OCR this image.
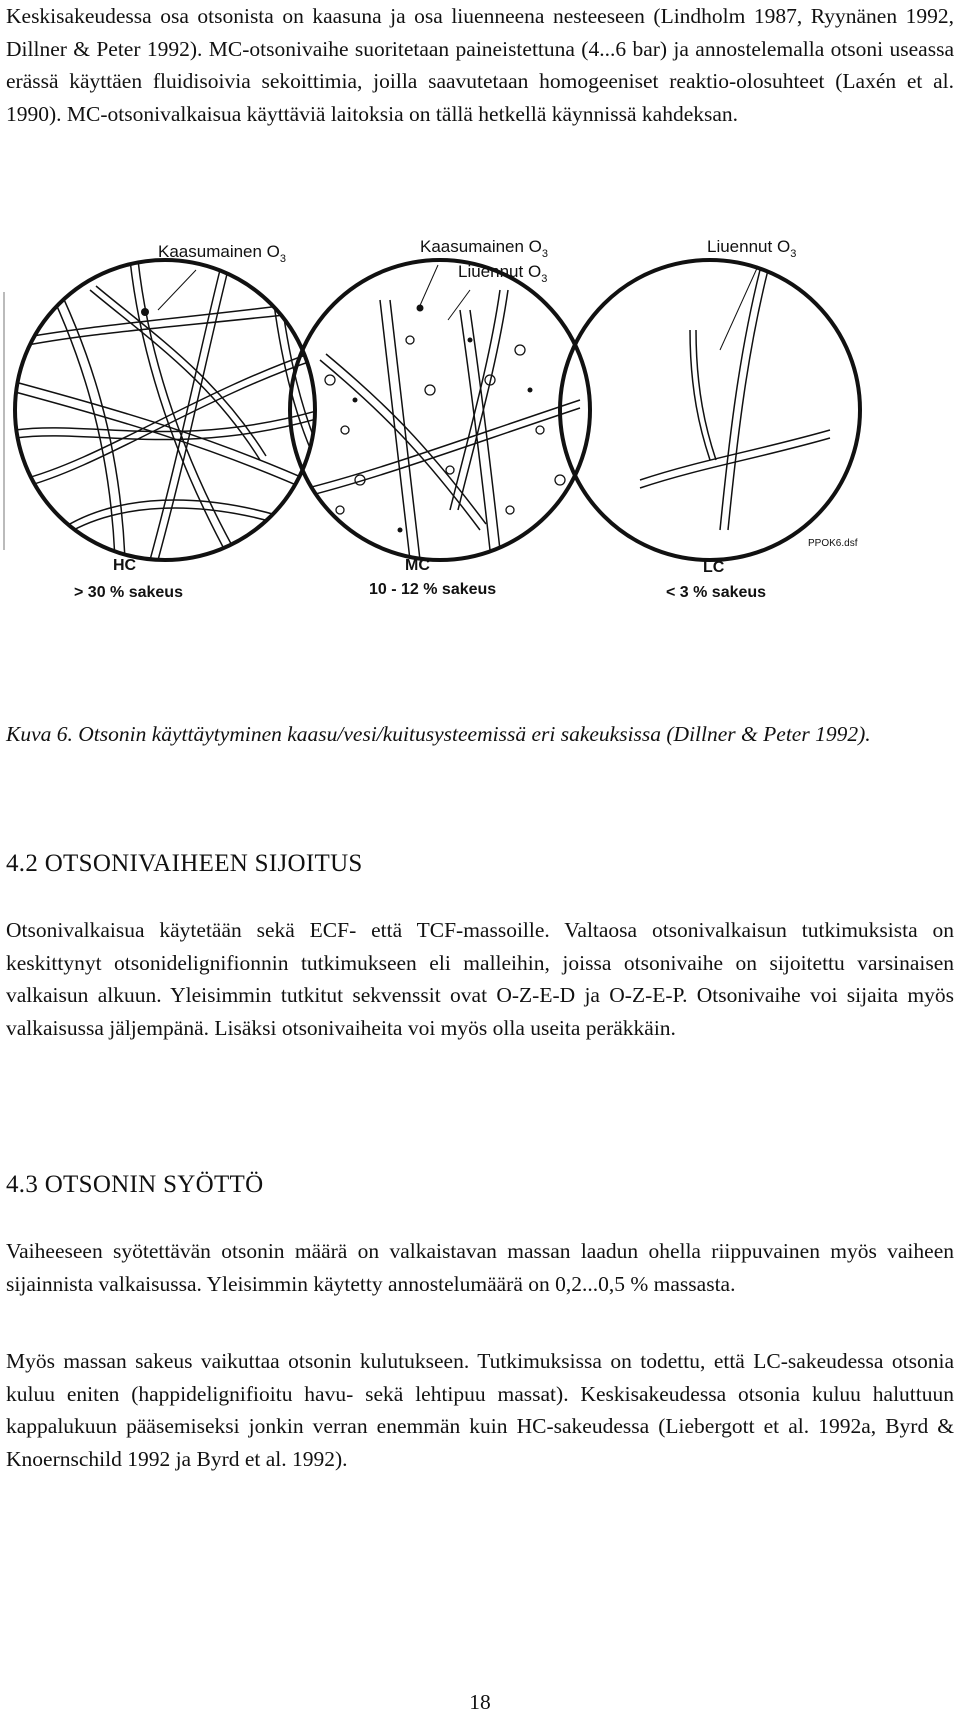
Keskisakeudessa osa otsonista on kaasuna ja osa liuenneena nesteeseen (Lindholm 1987, Ryynänen 1992, Dillner & Peter 1992). MC-otsonivaihe suoritetaan paineistettuna (4...6 bar) ja annostelemalla otsoni useassa erässä käyttäen fluidisoivia sekoittimia, joilla saavutetaan homogeeniset reaktio-olosuhteet (Laxén et al. 1990). MC-otsonivalkaisua käyttäviä laitoksia on tällä hetkellä käynnissä kahdeksan.

Kaasumainen $O_3$
Kaasumainen $O_3$
Liuennut $O_3$
Liuennut $O_3$
PPOK6.dsf
HC
> 30 % sakeus
MC
10 - 12 % sakeus
LC
< 3 % sakeus

Kuva 6. Otsonin käyttäytyminen kaasu/vesi/kuitusysteemissä eri sakeuksissa (Dillner & Peter 1992).

4.2 OTSONIVAIHEEN SIJOITUS

Otsonivalkaisua käytetään sekä ECF- että TCF-massoille. Valtaosa otsonivalkaisun tutkimuksista on keskittynyt otsonidelignifionnin tutkimukseen eli malleihin, joissa otsonivaihe on sijoitettu varsinaisen valkaisun alkuun. Yleisimmin tutkitut sekvenssit ovat O-Z-E-D ja O-Z-E-P. Otsonivaihe voi sijaita myös valkaisussa jäljempänä. Lisäksi otsonivaiheita voi myös olla useita peräkkäin.

4.3 OTSONIN SYÖTTÖ

Vaiheeseen syötettävän otsonin määrä on valkaistavan massan laadun ohella riippuvainen myös vaiheen sijainnista valkaisussa. Yleisimmin käytetty annostelumäärä on 0,2...0,5 % massasta.

Myös massan sakeus vaikuttaa otsonin kulutukseen. Tutkimuksissa on todettu, että LC-sakeudessa otsonia kuluu eniten (happidelignifioitu havu- sekä lehtipuu massat). Keskisakeudessa otsonia kuluu haluttuun kappalukuun pääsemiseksi jonkin verran enemmän kuin HC-sakeudessa (Liebergott et al. 1992a, Byrd & Knoernschild 1992 ja Byrd et al. 1992).

18
